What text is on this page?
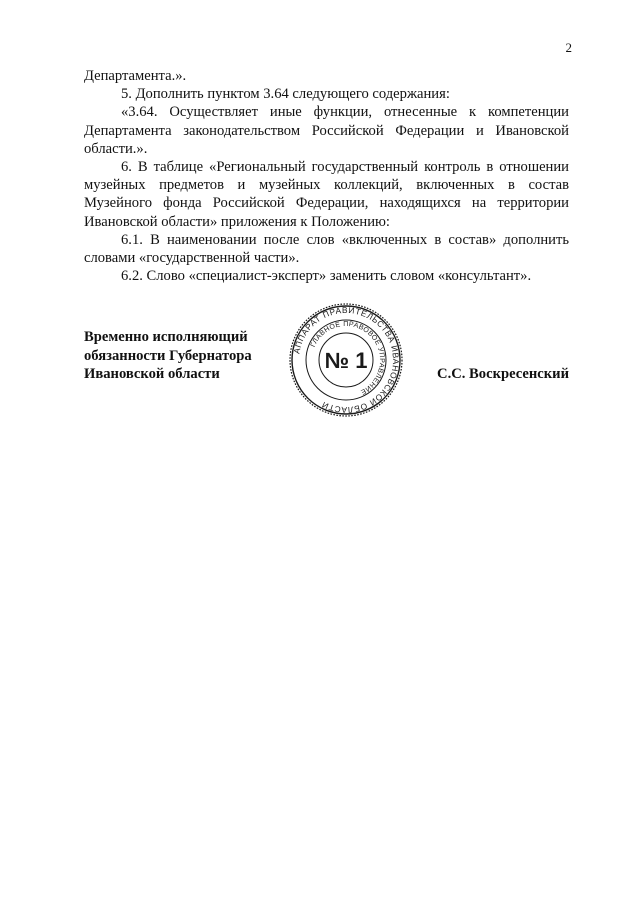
2

Департамента.».

5. Дополнить пунктом 3.64 следующего содержания:

«3.64. Осуществляет иные функции, отнесенные к компетенции Департамента законодательством Российской Федерации и Ивановской области.».

6. В таблице «Региональный государственный контроль в отношении музейных предметов и музейных коллекций, включенных в состав Музейного фонда Российской Федерации, находящихся на территории Ивановской области» приложения к Положению:

6.1. В наименовании после слов «включенных в состав» дополнить словами «государственной части».

6.2. Слово «специалист-эксперт» заменить словом «консультант».

Временно исполняющий
обязанности Губернатора
Ивановской области
АППАРАТ ПРАВИТЕЛЬСТВА ИВАНОВСКОЙ ОБЛАСТИ
ГЛАВНОЕ ПРАВОВОЕ УПРАВЛЕНИЕ
№ 1
С.С. Воскресенский
